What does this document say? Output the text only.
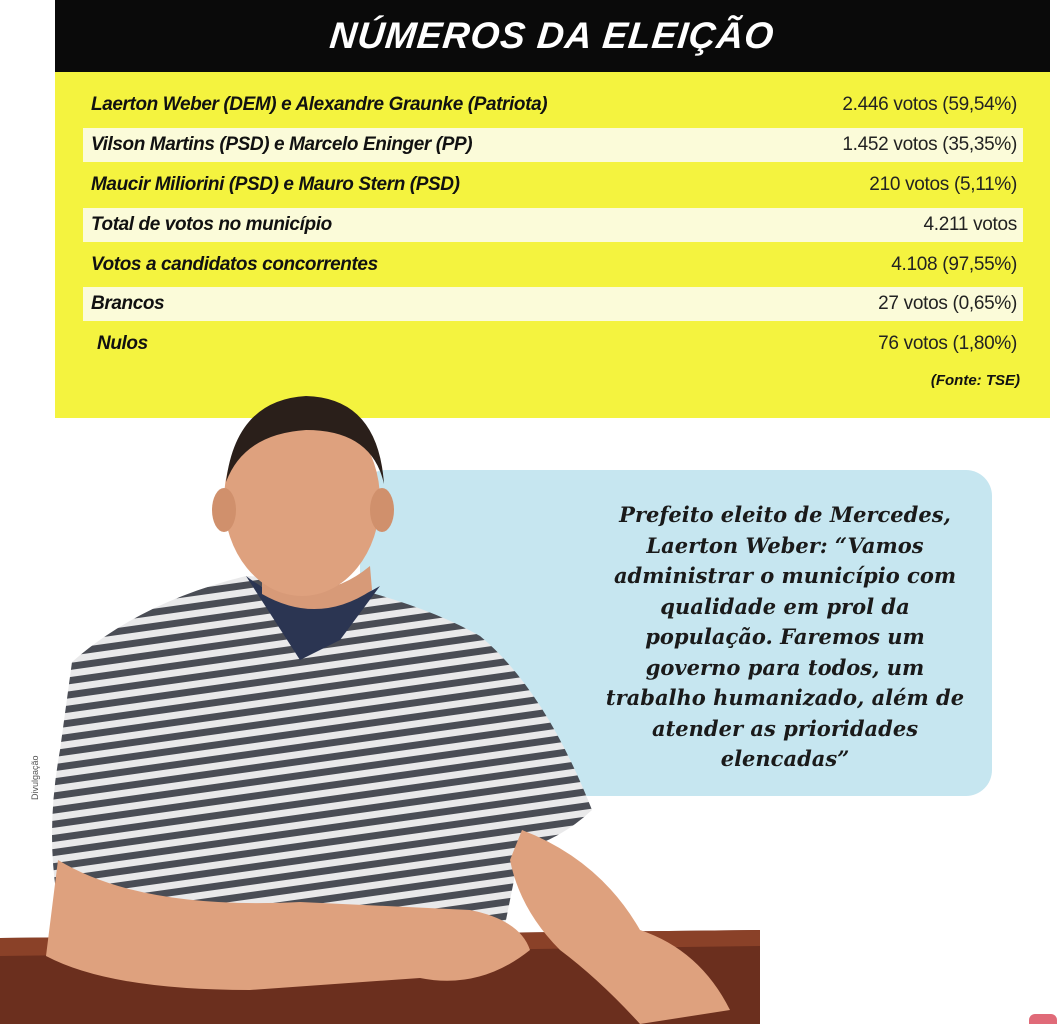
NÚMEROS DA ELEIÇÃO
Laerton Weber (DEM) e Alexandre Graunke (Patriota)	2.446 votos (59,54%)
Vilson Martins (PSD) e Marcelo Eninger (PP)	1.452 votos (35,35%)
Maucir Miliorini (PSD) e Mauro Stern (PSD)	210 votos (5,11%)
Total de votos no município	4.211 votos
Votos a candidatos concorrentes	4.108 (97,55%)
Brancos	27 votos (0,65%)
Nulos	76 votos (1,80%)
(Fonte: TSE)
Divulgação
Prefeito eleito de Mercedes, Laerton Weber: “Vamos administrar o município com qualidade em prol da população. Faremos um governo para todos, um trabalho humanizado, além de atender as prioridades elencadas”
